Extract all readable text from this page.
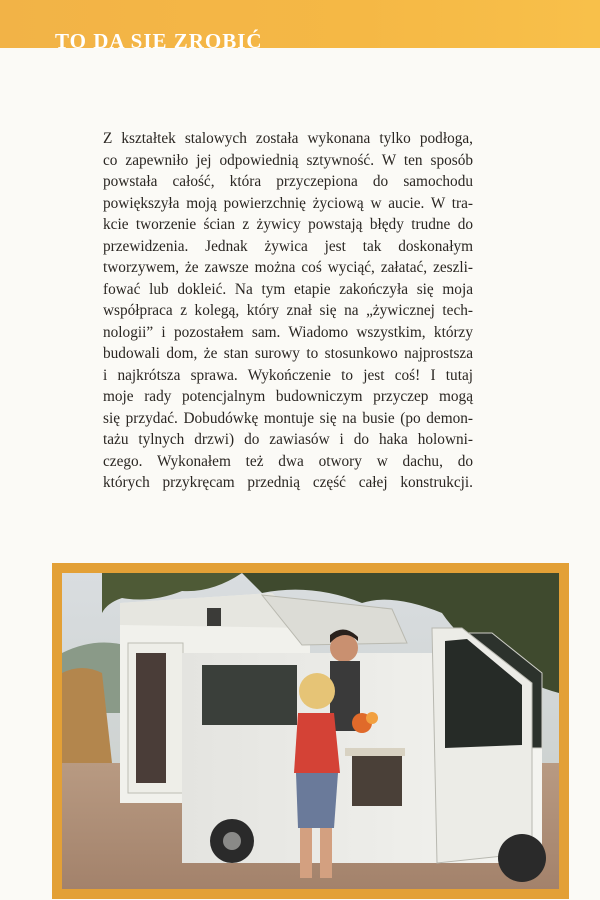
TO DA SIE ZROBIĆ
Z kształtek stalowych została wykonana tylko podłoga,
co zapewniło jej odpowiednią sztywność. W ten sposób
powstała całość, która przyczepiona do samochodu
powiększyła moją powierzchnię życiową w aucie. W tra-
kcie tworzenie ścian z żywicy powstają błędy trudne do
przewidzenia. Jednak żywica jest tak doskonałym
tworzywem, że zawsze można coś wyciąć, załatać, zeszli-
fować lub dokleić. Na tym etapie zakończyła się moja
współpraca z kolegą, który znał się na „żywicznej tech-
nologii” i pozostałem sam. Wiadomo wszystkim, którzy
budowali dom, że stan surowy to stosunkowo najprostsza
i najkrótsza sprawa. Wykończenie to jest coś! I tutaj
moje rady potencjalnym budowniczym przyczep mogą
się przydać. Dobudówkę montuje się na busie (po demon-
tażu tylnych drzwi) do zawiasów i do haka holowni-
czego. Wykonałem też dwa otwory w dachu, do
których przykręcam przednią część całej konstrukcji.
